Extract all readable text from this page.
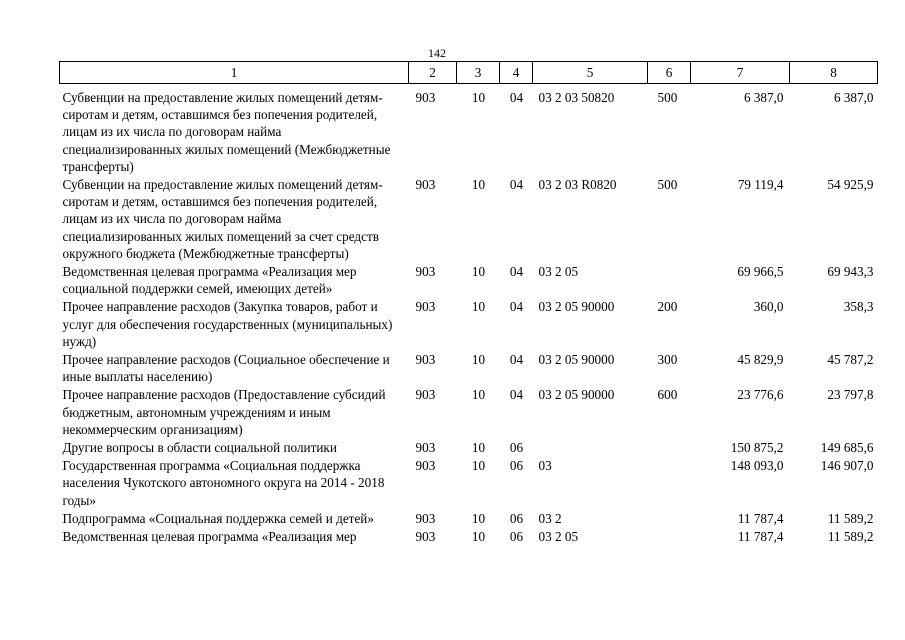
142
1	2	3	4	5	6	7	8
Субвенции на предоставление жилых помещений детям-сиротам и детям, оставшимся без попечения родителей, лицам из их числа по договорам найма специализированных жилых помещений (Межбюджетные трансферты)	903	10	04	03 2 03 50820	500	6 387,0	6 387,0
Субвенции на предоставление жилых помещений детям-сиротам и детям, оставшимся без попечения родителей, лицам из их числа по договорам найма специализированных жилых помещений за счет средств окружного бюджета (Межбюджетные трансферты)	903	10	04	03 2 03 R0820	500	79 119,4	54 925,9
Ведомственная целевая программа «Реализация мер социальной поддержки семей, имеющих детей»	903	10	04	03 2 05		69 966,5	69 943,3
Прочее направление расходов (Закупка товаров, работ и услуг для обеспечения государственных (муниципальных) нужд)	903	10	04	03 2 05 90000	200	360,0	358,3
Прочее направление расходов (Социальное обеспечение и иные выплаты населению)	903	10	04	03 2 05 90000	300	45 829,9	45 787,2
Прочее направление расходов (Предоставление субсидий бюджетным, автономным учреждениям и иным некоммерческим организациям)	903	10	04	03 2 05 90000	600	23 776,6	23 797,8
Другие вопросы в области социальной политики	903	10	06			150 875,2	149 685,6
Государственная программа «Социальная поддержка населения Чукотского автономного округа на 2014 - 2018 годы»	903	10	06	03		148 093,0	146 907,0
Подпрограмма «Социальная поддержка семей и детей»	903	10	06	03 2		11 787,4	11 589,2
Ведомственная целевая программа «Реализация мер	903	10	06	03 2 05		11 787,4	11 589,2
